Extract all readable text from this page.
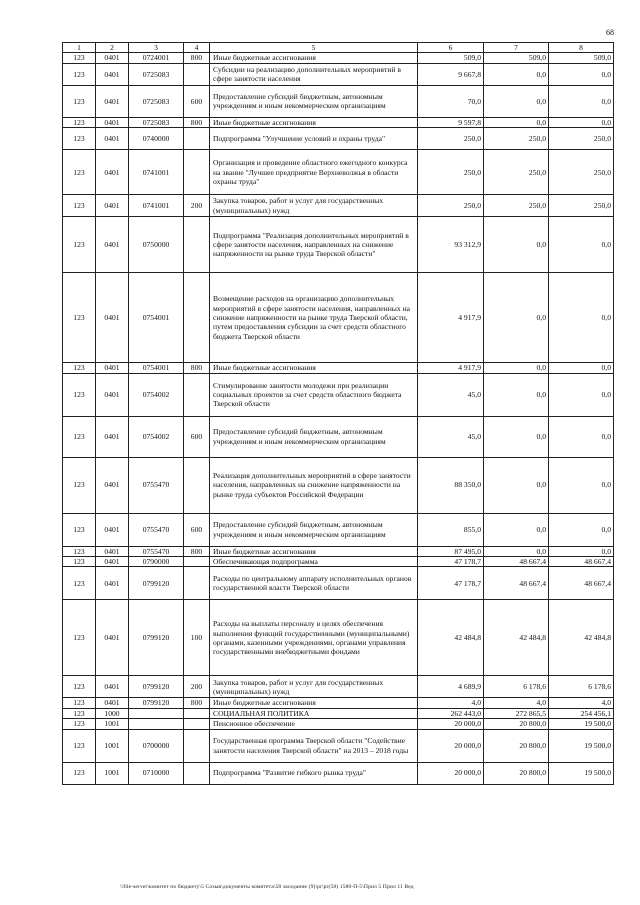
68
1	2	3	4	5	6	7	8
123	0401	0724001	800	Иные бюджетные ассигнования	509,0	509,0	509,0
123	0401	0725083		Субсидии на реализацию дополнительных мероприятий в сфере занятости населения	9 667,8	0,0	0,0
123	0401	0725083	600	Предоставление субсидий бюджетным, автономным учреждениям и иным некоммерческим организациям	70,0	0,0	0,0
123	0401	0725083	800	Иные бюджетные ассигнования	9 597,8	0,0	0,0
123	0401	0740000		Подпрограмма "Улучшение условий и охраны труда"	250,0	250,0	250,0
123	0401	0741001		Организация и проведение областного ежегодного конкурса на звание "Лучшее предприятие Верхневолжья в области охраны труда"	250,0	250,0	250,0
123	0401	0741001	200	Закупка товаров, работ и услуг для государственных (муниципальных) нужд	250,0	250,0	250,0
123	0401	0750000		Подпрограмма "Реализация дополнительных мероприятий в сфере занятости населения, направленных на снижение напряженности на рынке труда Тверской области"	93 312,9	0,0	0,0
123	0401	0754001		Возмещение расходов на организацию дополнительных мероприятий в сфере занятости населения, направленных на снижение напряженности на рынке труда Тверской области, путем предоставления субсидии за счет средств областного бюджета Тверской области	4 917,9	0,0	0,0
123	0401	0754001	800	Иные бюджетные ассигнования	4 917,9	0,0	0,0
123	0401	0754002		Стимулирование занятости молодежи при реализации социальных проектов за счет средств областного бюджета Тверской области	45,0	0,0	0,0
123	0401	0754002	600	Предоставление субсидий бюджетным, автономным учреждениям и иным некоммерческим организациям	45,0	0,0	0,0
123	0401	0755470		Реализация дополнительных мероприятий в сфере занятости населения, направленных на снижение напряженности на рынке труда субъектов Российской Федерации	88 350,0	0,0	0,0
123	0401	0755470	600	Предоставление субсидий бюджетным, автономным учреждениям и иным некоммерческим организациям	855,0	0,0	0,0
123	0401	0755470	800	Иные бюджетные ассигнования	87 495,0	0,0	0,0
123	0401	0790000		Обеспечивающая подпрограмма	47 178,7	48 667,4	48 667,4
123	0401	0799120		Расходы по центральному аппарату исполнительных органов государственной власти Тверской области	47 178,7	48 667,4	48 667,4
123	0401	0799120	100	Расходы на выплаты персоналу в целях обеспечения выполнения функций государственными (муниципальными) органами, казенными учреждениями, органами управления государственными внебюджетными фондами	42 484,8	42 484,8	42 484,8
123	0401	0799120	200	Закупка товаров, работ и услуг для государственных (муниципальных) нужд	4 689,9	6 178,6	6 178,6
123	0401	0799120	800	Иные бюджетные ассигнования	4,0	4,0	4,0
123	1000			СОЦИАЛЬНАЯ ПОЛИТИКА	262 443,0	272 865,5	254 456,1
123	1001			Пенсионное обеспечение	20 000,0	20 800,0	19 500,0
123	1001	0700000		Государственная программа Тверской области "Содействие занятости населения Тверской области" на 2013 – 2018 годы	20 000,0	20 800,0	19 500,0
123	1001	0710000		Подпрограмма "Развитие гибкого рынка труда"	20 000,0	20 800,0	19 500,0
\\file-server\комитет по бюджету\5 Созыв\документы комитета\58 заседание (9)\pr\pr(58) 1580-П-5\Прил 5 Прил 11 Вед
